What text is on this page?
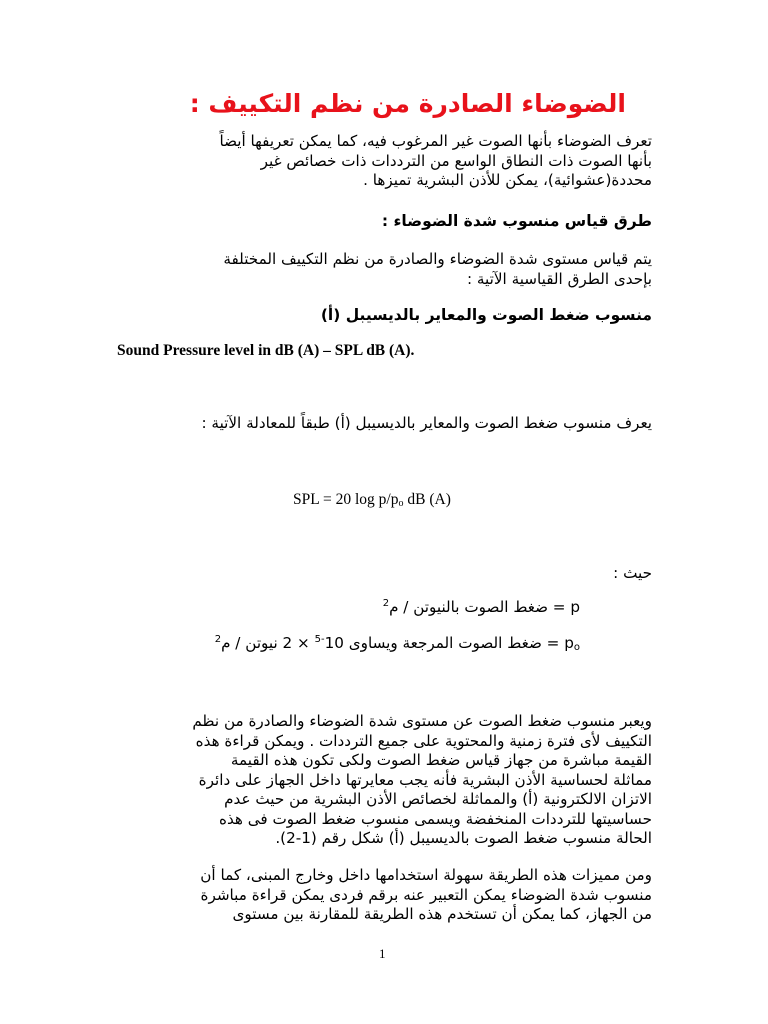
الضوضاء الصادرة من نظم التكييف :
تعرف الضوضاء بأنها الصوت غير المرغوب فيه، كما يمكن تعريفها أيضاً
بأنها الصوت ذات النطاق الواسع من الترددات ذات خصائص غير
محددة(عشوائية)، يمكن للأذن البشرية تميزها .
طرق قياس منسوب شدة الضوضاء :
يتم قياس مستوى شدة الضوضاء والصادرة من نظم التكييف المختلفة
بإحدى الطرق القياسية الآتية :
منسوب ضغط الصوت والمعاير بالديسيبل (أ)
Sound Pressure level in dB (A) – SPL dB (A).
يعرف منسوب ضغط الصوت والمعاير بالديسيبل (أ) طبقاً للمعادلة الآتية :
SPL = 20 $\log p/p_o$ dB (A)
حيث :
p = ضغط الصوت بالنيوتن / م$^2$
$p_o$ = ضغط الصوت المرجعة ويساوى $10^{-5} \times 2$ نيوتن / م$^2$
ويعبر منسوب ضغط الصوت عن مستوى شدة الضوضاء والصادرة من نظم
التكييف لأى فترة زمنية والمحتوية على جميع الترددات . ويمكن قراءة هذه
القيمة مباشرة من جهاز قياس ضغط الصوت ولكى تكون هذه القيمة
مماثلة لحساسية الأذن البشرية فأنه يجب معايرتها داخل الجهاز على دائرة
الاتزان الالكترونية (أ) والمماثلة لخصائص الأذن البشرية من حيث عدم
حساسيتها للترددات المنخفضة ويسمى منسوب ضغط الصوت فى هذه
الحالة منسوب ضغط الصوت بالديسيبل (أ) شكل رقم (1-2).
ومن مميزات هذه الطريقة سهولة استخدامها داخل وخارج المبنى، كما أن
منسوب شدة الضوضاء يمكن التعبير عنه برقم فردى يمكن قراءة مباشرة
من الجهاز، كما يمكن أن تستخدم هذه الطريقة للمقارنة بين مستوى
1
